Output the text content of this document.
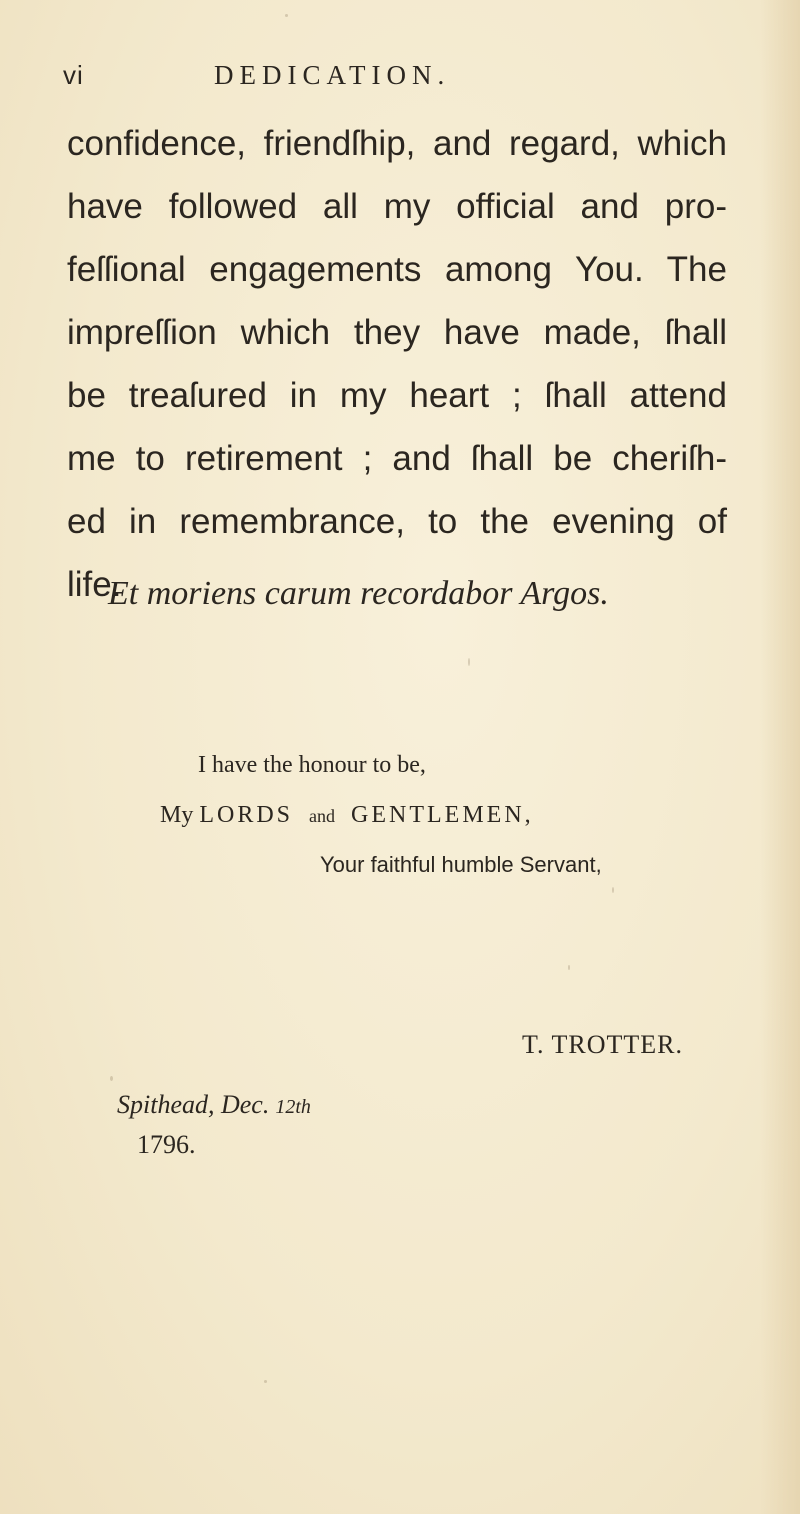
vi	DEDICATION.
confidence, friendſhip, and regard, which
have followed all my official and pro-
feſſional engagements among You. The
impreſſion which they have made, ſhall
be treaſured in my heart ; ſhall attend
me to retirement ; and ſhall be cheriſh-
ed in remembrance, to the evening of
life.
Et moriens carum recordabor Argos.
I have the honour to be,
My LORDS and GENTLEMEN,
Your faithful humble Servant,
T. TROTTER.
Spithead, Dec. 12th
1796.
